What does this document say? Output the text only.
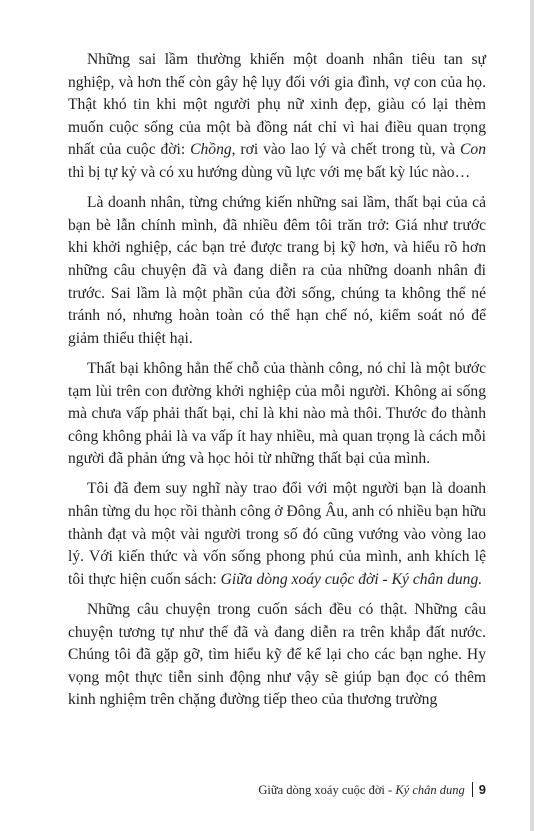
Những sai lầm thường khiến một doanh nhân tiêu tan sự nghiệp, và hơn thế còn gây hệ lụy đối với gia đình, vợ con của họ. Thật khó tin khi một người phụ nữ xinh đẹp, giàu có lại thèm muốn cuộc sống của một bà đồng nát chỉ vì hai điều quan trọng nhất của cuộc đời: Chồng, rơi vào lao lý và chết trong tù, và Con thì bị tự kỷ và có xu hướng dùng vũ lực với mẹ bất kỳ lúc nào…

Là doanh nhân, từng chứng kiến những sai lầm, thất bại của cả bạn bè lẫn chính mình, đã nhiều đêm tôi trăn trở: Giá như trước khi khởi nghiệp, các bạn trẻ được trang bị kỹ hơn, và hiểu rõ hơn những câu chuyện đã và đang diễn ra của những doanh nhân đi trước. Sai lầm là một phần của đời sống, chúng ta không thể né tránh nó, nhưng hoàn toàn có thể hạn chế nó, kiểm soát nó để giảm thiểu thiệt hại.

Thất bại không hẳn thế chỗ của thành công, nó chỉ là một bước tạm lùi trên con đường khởi nghiệp của mỗi người. Không ai sống mà chưa vấp phải thất bại, chỉ là khi nào mà thôi. Thước đo thành công không phải là va vấp ít hay nhiều, mà quan trọng là cách mỗi người đã phản ứng và học hỏi từ những thất bại của mình.

Tôi đã đem suy nghĩ này trao đổi với một người bạn là doanh nhân từng du học rồi thành công ở Đông Âu, anh có nhiều bạn hữu thành đạt và một vài người trong số đó cũng vướng vào vòng lao lý. Với kiến thức và vốn sống phong phú của mình, anh khích lệ tôi thực hiện cuốn sách: Giữa dòng xoáy cuộc đời - Ký chân dung.

Những câu chuyện trong cuốn sách đều có thật. Những câu chuyện tương tự như thế đã và đang diễn ra trên khắp đất nước. Chúng tôi đã gặp gỡ, tìm hiểu kỹ để kể lại cho các bạn nghe. Hy vọng một thực tiễn sinh động như vậy sẽ giúp bạn đọc có thêm kinh nghiệm trên chặng đường tiếp theo của thương trường

Giữa dòng xoáy cuộc đời - Ký chân dung 9
